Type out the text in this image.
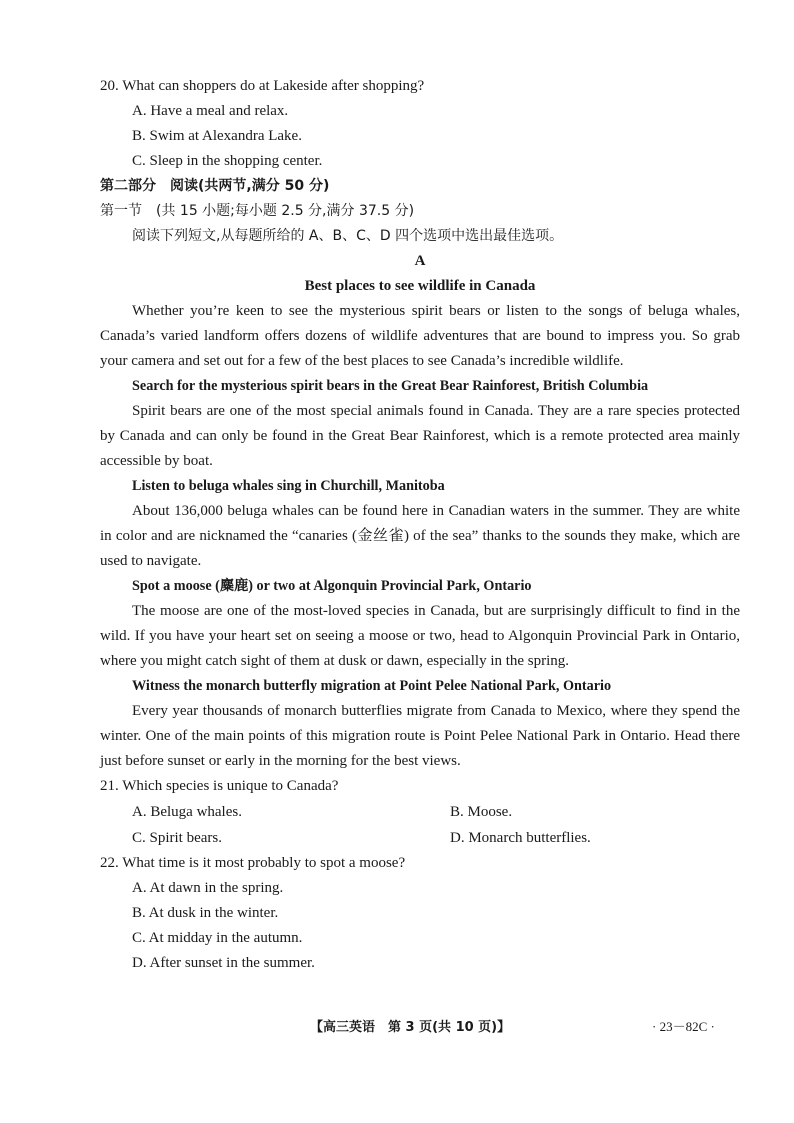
20. What can shoppers do at Lakeside after shopping?
A. Have a meal and relax.
B. Swim at Alexandra Lake.
C. Sleep in the shopping center.
第二部分　阅读(共两节,满分 50 分)
第一节　(共 15 小题;每小题 2.5 分,满分 37.5 分)
阅读下列短文,从每题所给的 A、B、C、D 四个选项中选出最佳选项。
A
Best places to see wildlife in Canada
Whether you’re keen to see the mysterious spirit bears or listen to the songs of beluga whales, Canada’s varied landform offers dozens of wildlife adventures that are bound to impress you. So grab your camera and set out for a few of the best places to see Canada’s incredible wildlife.
Search for the mysterious spirit bears in the Great Bear Rainforest, British Columbia
Spirit bears are one of the most special animals found in Canada. They are a rare species protected by Canada and can only be found in the Great Bear Rainforest, which is a remote protected area mainly accessible by boat.
Listen to beluga whales sing in Churchill, Manitoba
About 136,000 beluga whales can be found here in Canadian waters in the summer. They are white in color and are nicknamed the “canaries (金丝雀) of the sea” thanks to the sounds they make, which are used to navigate.
Spot a moose (麋鹿) or two at Algonquin Provincial Park, Ontario
The moose are one of the most-loved species in Canada, but are surprisingly difficult to find in the wild. If you have your heart set on seeing a moose or two, head to Algonquin Provincial Park in Ontario, where you might catch sight of them at dusk or dawn, especially in the spring.
Witness the monarch butterfly migration at Point Pelee National Park, Ontario
Every year thousands of monarch butterflies migrate from Canada to Mexico, where they spend the winter. One of the main points of this migration route is Point Pelee National Park in Ontario. Head there just before sunset or early in the morning for the best views.
21. Which species is unique to Canada?
A. Beluga whales.	B. Moose.
C. Spirit bears.	D. Monarch butterflies.
22. What time is it most probably to spot a moose?
A. At dawn in the spring.
B. At dusk in the winter.
C. At midday in the autumn.
D. After sunset in the summer.
【高三英语　第 3 页(共 10 页)】	· 23－82C ·
